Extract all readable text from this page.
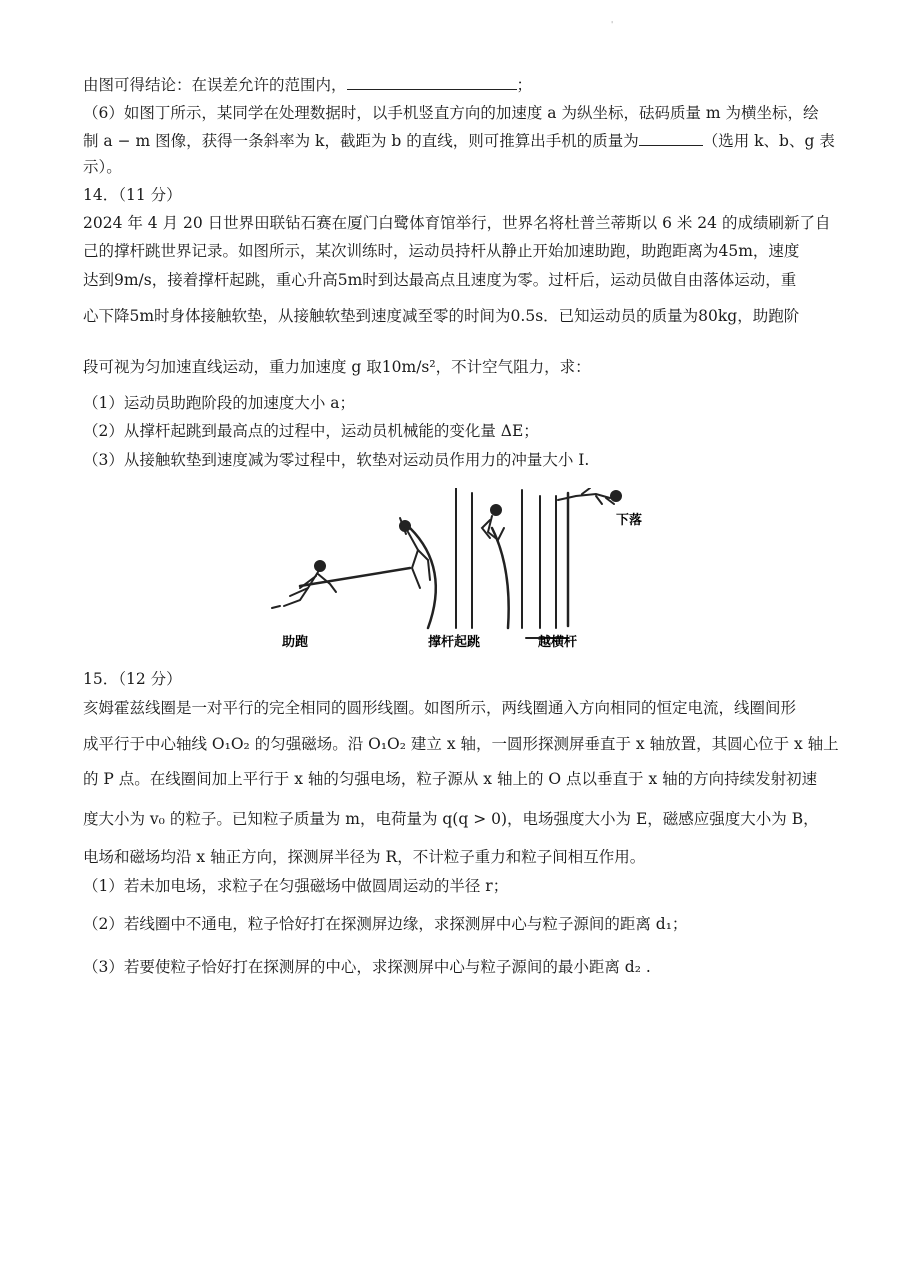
'
由图可得结论：在误差允许的范围内，	；
（6）如图丁所示，某同学在处理数据时，以手机竖直方向的加速度 a 为纵坐标，砝码质量 m 为横坐标，绘
制 a − m 图像，获得一条斜率为 k，截距为 b 的直线，则可推算出手机的质量为	（选用 k、b、g 表
示）。
14．（11 分）
2024 年 4 月 20 日世界田联钻石赛在厦门白鹭体育馆举行，世界名将杜普兰蒂斯以 6 米 24 的成绩刷新了自
己的撑杆跳世界记录。如图所示，某次训练时，运动员持杆从静止开始加速助跑，助跑距离为45m，速度
达到9m/s，接着撑杆起跳，重心升高5m时到达最高点且速度为零。过杆后，运动员做自由落体运动，重
心下降5m时身体接触软垫，从接触软垫到速度减至零的时间为0.5s．已知运动员的质量为80kg，助跑阶
段可视为匀加速直线运动，重力加速度 g 取10m/s²，不计空气阻力，求：
（1）运动员助跑阶段的加速度大小 a；
（2）从撑杆起跳到最高点的过程中，运动员机械能的变化量 ΔE；
（3）从接触软垫到速度减为零过程中，软垫对运动员作用力的冲量大小 I.
助跑	撑杆起跳	越横杆
下落
15．（12 分）
亥姆霍兹线圈是一对平行的完全相同的圆形线圈。如图所示，两线圈通入方向相同的恒定电流，线圈间形
成平行于中心轴线 O₁O₂ 的匀强磁场。沿 O₁O₂ 建立 x 轴，一圆形探测屏垂直于 x 轴放置，其圆心位于 x 轴上
的 P 点。在线圈间加上平行于 x 轴的匀强电场，粒子源从 x 轴上的 O 点以垂直于 x 轴的方向持续发射初速
度大小为 v₀ 的粒子。已知粒子质量为 m，电荷量为 q(q > 0)，电场强度大小为 E，磁感应强度大小为 B，
电场和磁场均沿 x 轴正方向，探测屏半径为 R，不计粒子重力和粒子间相互作用。
（1）若未加电场，求粒子在匀强磁场中做圆周运动的半径 r；
（2）若线圈中不通电，粒子恰好打在探测屏边缘，求探测屏中心与粒子源间的距离 d₁；
（3）若要使粒子恰好打在探测屏的中心，求探测屏中心与粒子源间的最小距离 d₂ .
